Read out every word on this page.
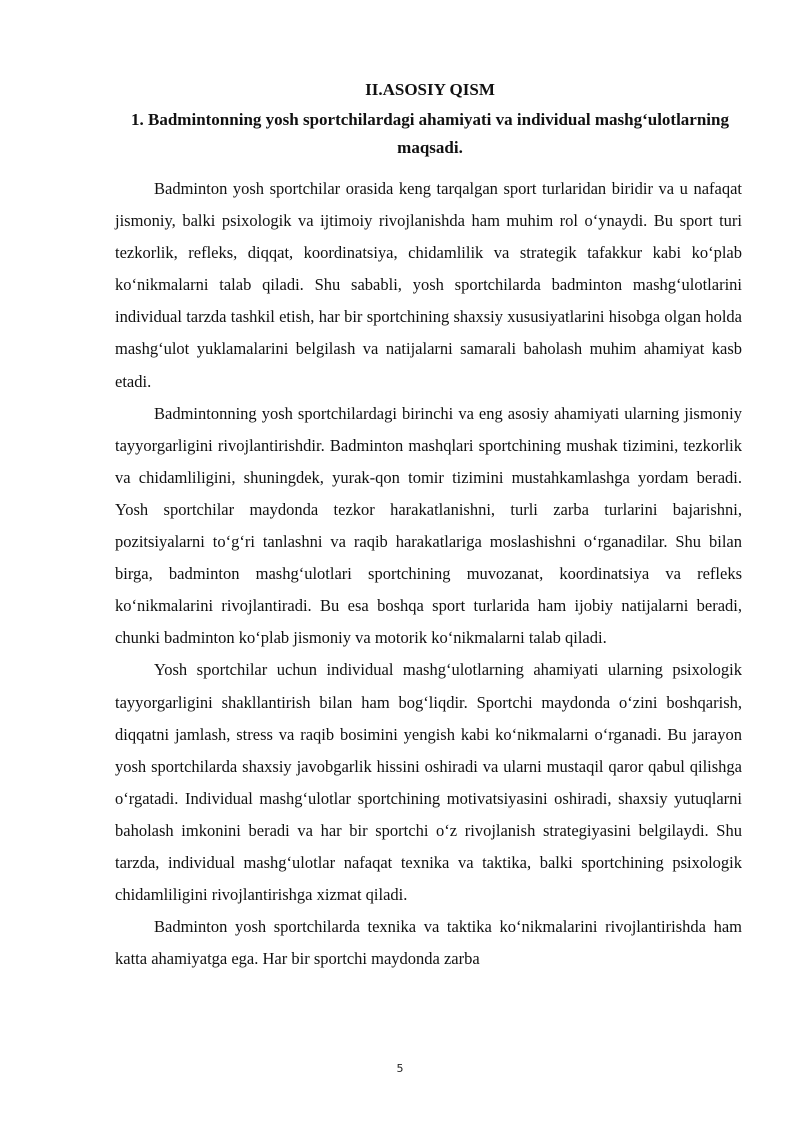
II.ASOSIY QISM
1. Badmintonning yosh sportchilardagi ahamiyati va individual mashg‘ulotlarning maqsadi.

Badminton yosh sportchilar orasida keng tarqalgan sport turlaridan biridir va u nafaqat jismoniy, balki psixologik va ijtimoiy rivojlanishda ham muhim rol o‘ynaydi. Bu sport turi tezkorlik, refleks, diqqat, koordinatsiya, chidamlilik va strategik tafakkur kabi ko‘plab ko‘nikmalarni talab qiladi. Shu sababli, yosh sportchilarda badminton mashg‘ulotlarini individual tarzda tashkil etish, har bir sportchining shaxsiy xususiyatlarini hisobga olgan holda mashg‘ulot yuklamalarini belgilash va natijalarni samarali baholash muhim ahamiyat kasb etadi.

Badmintonning yosh sportchilardagi birinchi va eng asosiy ahamiyati ularning jismoniy tayyorgarligini rivojlantirishdir. Badminton mashqlari sportchining mushak tizimini, tezkorlik va chidamliligini, shuningdek, yurak-qon tomir tizimini mustahkamlashga yordam beradi. Yosh sportchilar maydonda tezkor harakatlanishni, turli zarba turlarini bajarishni, pozitsiyalarni to‘g‘ri tanlashni va raqib harakatlariga moslashishni o‘rganadilar. Shu bilan birga, badminton mashg‘ulotlari sportchining muvozanat, koordinatsiya va refleks ko‘nikmalarini rivojlantiradi. Bu esa boshqa sport turlarida ham ijobiy natijalarni beradi, chunki badminton ko‘plab jismoniy va motorik ko‘nikmalarni talab qiladi.

Yosh sportchilar uchun individual mashg‘ulotlarning ahamiyati ularning psixologik tayyorgarligini shakllantirish bilan ham bog‘liqdir. Sportchi maydonda o‘zini boshqarish, diqqatni jamlash, stress va raqib bosimini yengish kabi ko‘nikmalarni o‘rganadi. Bu jarayon yosh sportchilarda shaxsiy javobgarlik hissini oshiradi va ularni mustaqil qaror qabul qilishga o‘rgatadi. Individual mashg‘ulotlar sportchining motivatsiyasini oshiradi, shaxsiy yutuqlarni baholash imkonini beradi va har bir sportchi o‘z rivojlanish strategiyasini belgilaydi. Shu tarzda, individual mashg‘ulotlar nafaqat texnika va taktika, balki sportchining psixologik chidamliligini rivojlantirishga xizmat qiladi.

Badminton yosh sportchilarda texnika va taktika ko‘nikmalarini rivojlantirishda ham katta ahamiyatga ega. Har bir sportchi maydonda zarba

5
